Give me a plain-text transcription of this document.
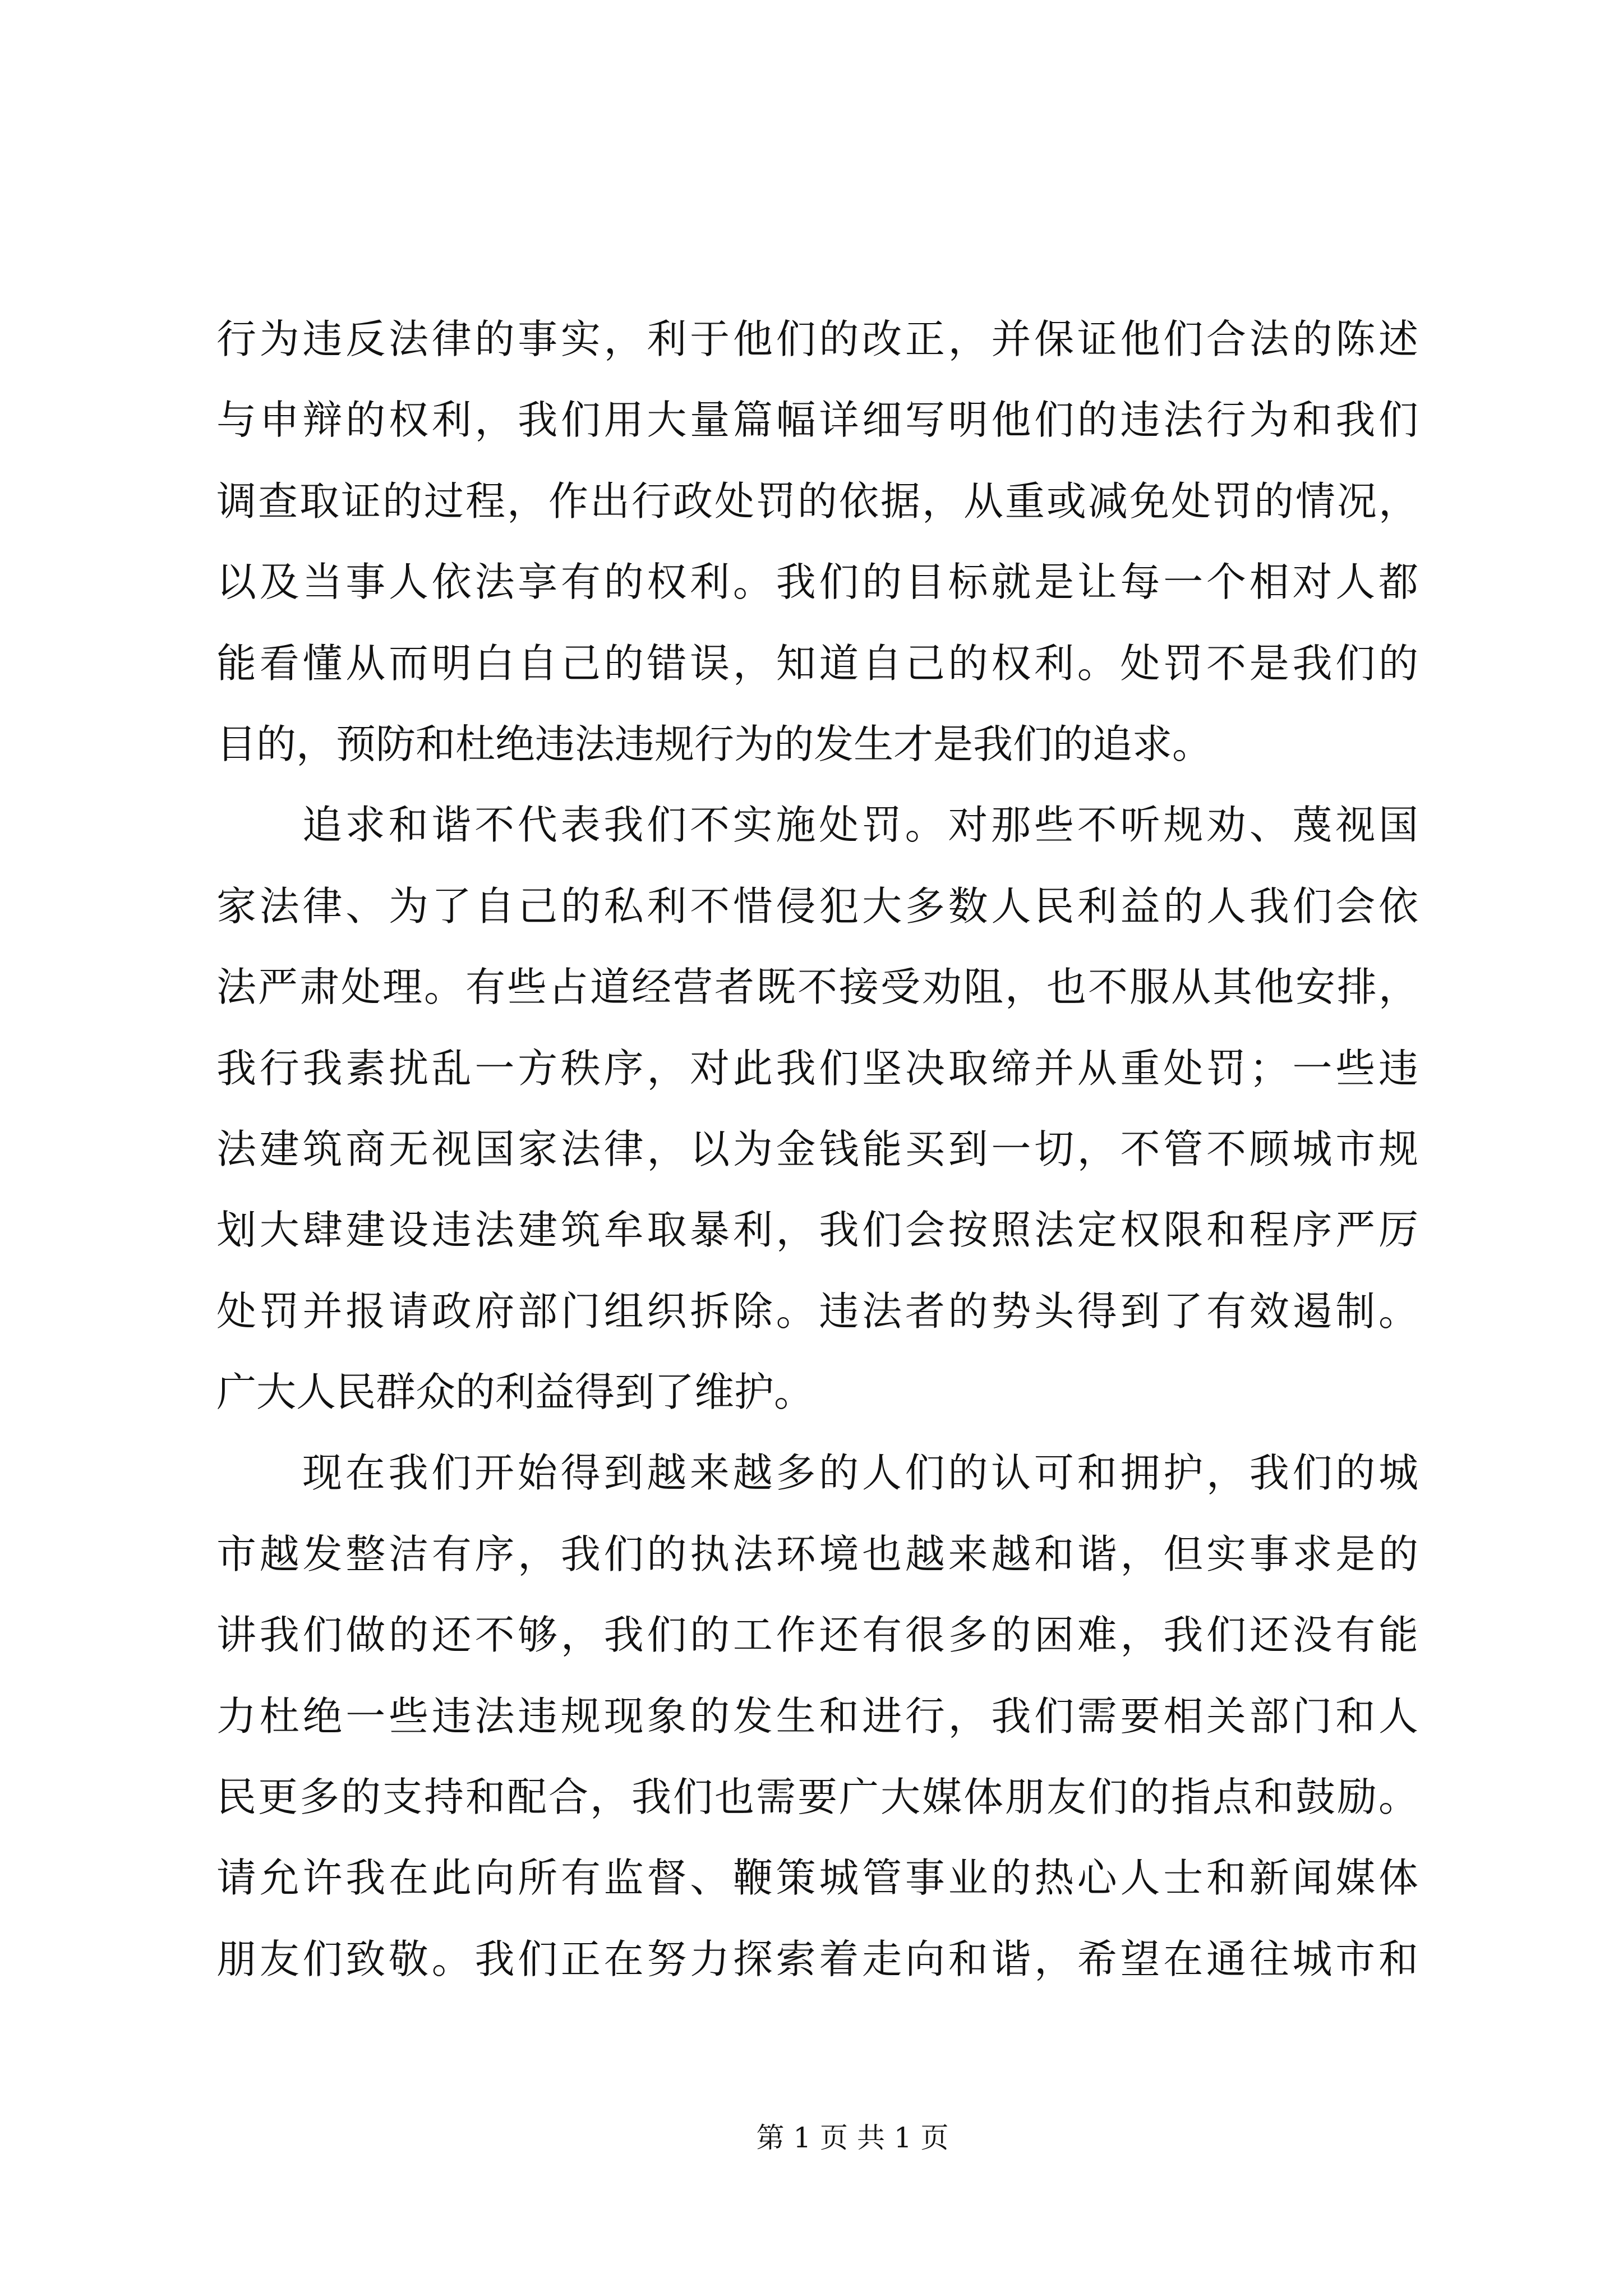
行为违反法律的事实，利于他们的改正，并保证他们合法的陈述
与申辩的权利，我们用大量篇幅详细写明他们的违法行为和我们
调查取证的过程，作出行政处罚的依据，从重或减免处罚的情况，
以及当事人依法享有的权利。我们的目标就是让每一个相对人都
能看懂从而明白自己的错误，知道自己的权利。处罚不是我们的
目的，预防和杜绝违法违规行为的发生才是我们的追求。
追求和谐不代表我们不实施处罚。对那些不听规劝、蔑视国
家法律、为了自己的私利不惜侵犯大多数人民利益的人我们会依
法严肃处理。有些占道经营者既不接受劝阻，也不服从其他安排，
我行我素扰乱一方秩序，对此我们坚决取缔并从重处罚；一些违
法建筑商无视国家法律，以为金钱能买到一切，不管不顾城市规
划大肆建设违法建筑牟取暴利，我们会按照法定权限和程序严厉
处罚并报请政府部门组织拆除。违法者的势头得到了有效遏制。
广大人民群众的利益得到了维护。
现在我们开始得到越来越多的人们的认可和拥护，我们的城
市越发整洁有序，我们的执法环境也越来越和谐，但实事求是的
讲我们做的还不够，我们的工作还有很多的困难，我们还没有能
力杜绝一些违法违规现象的发生和进行，我们需要相关部门和人
民更多的支持和配合，我们也需要广大媒体朋友们的指点和鼓励。
请允许我在此向所有监督、鞭策城管事业的热心人士和新闻媒体
朋友们致敬。我们正在努力探索着走向和谐，希望在通往城市和
第 1 页 共 1 页
